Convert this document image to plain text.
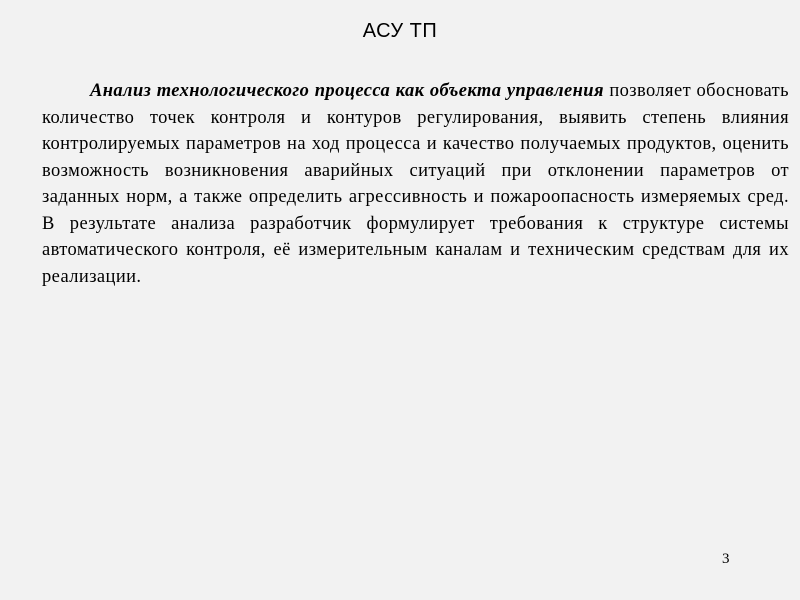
АСУ ТП

Анализ технологического процесса как объекта управления позволяет обосновать количество точек контроля и контуров регулирования, выявить степень влияния контролируемых параметров на ход процесса и качество получаемых продуктов, оценить возможность возникновения аварийных ситуаций при отклонении параметров от заданных норм, а также определить агрессивность и пожароопасность измеряемых сред. В результате анализа разработчик формулирует требования к структуре системы автоматического контроля, её измерительным каналам и техническим средствам для их реализации.

3
